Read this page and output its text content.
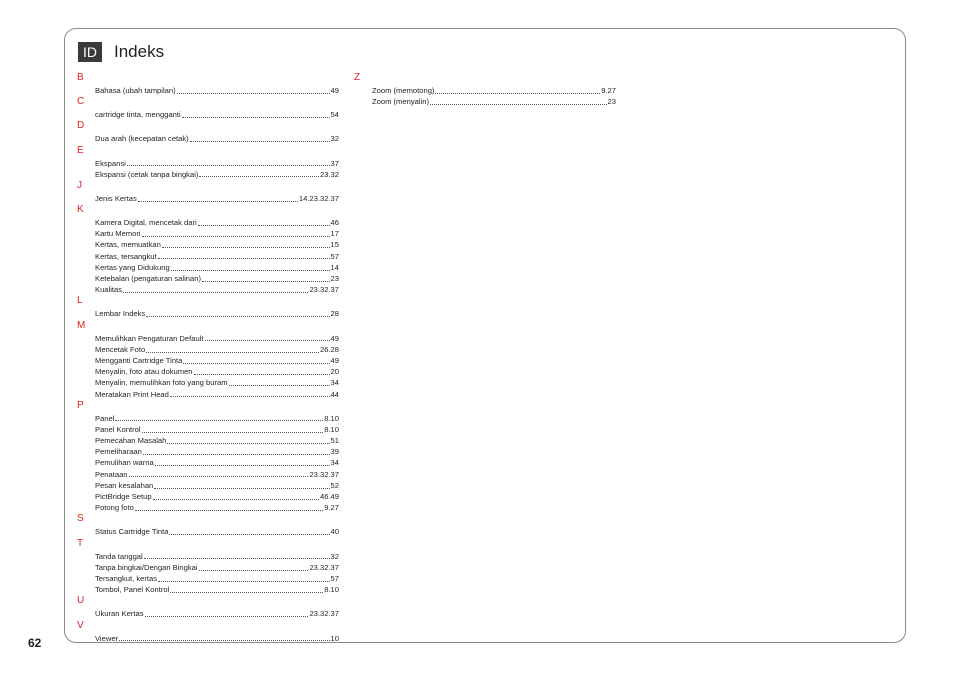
ID Indeks
B
Bahasa (ubah tampilan)	49
C
cartridge tinta, mengganti	54
D
Dua arah (kecepatan cetak)	32
E
Ekspansi	37
Ekspansi (cetak tanpa bingkai)	23.32
J
Jenis Kertas	14.23.32.37
K
Kamera Digital, mencetak dari	46
Kartu Memori	17
Kertas, memuatkan	15
Kertas, tersangkut	57
Kertas yang Didukung	14
Ketebalan (pengaturan salinan)	23
Kualitas	23.32.37
L
Lembar Indeks	28
M
Memulihkan Pengaturan Default	49
Mencetak Foto	26.28
Mengganti Cartridge Tinta	49
Menyalin, foto atau dokumen	20
Menyalin, memulihkan foto yang buram	34
Meratakan Print Head	44
P
Panel	8.10
Panel Kontrol	8.10
Pemecahan Masalah	51
Pemeliharaan	39
Pemulihan warna	34
Penataan	23.32.37
Pesan kesalahan	52
PictBridge Setup	46.49
Potong foto	9.27
S
Status Cartridge Tinta	40
T
Tanda tanggal	32
Tanpa bingkai/Dengan Bingkai	23.32.37
Tersangkut, kertas	57
Tombol, Panel Kontrol	8.10
U
Ukuran Kertas	23.32.37
V
Viewer	10
Z
Zoom (memotong)	9.27
Zoom (menyalin)	23
62
